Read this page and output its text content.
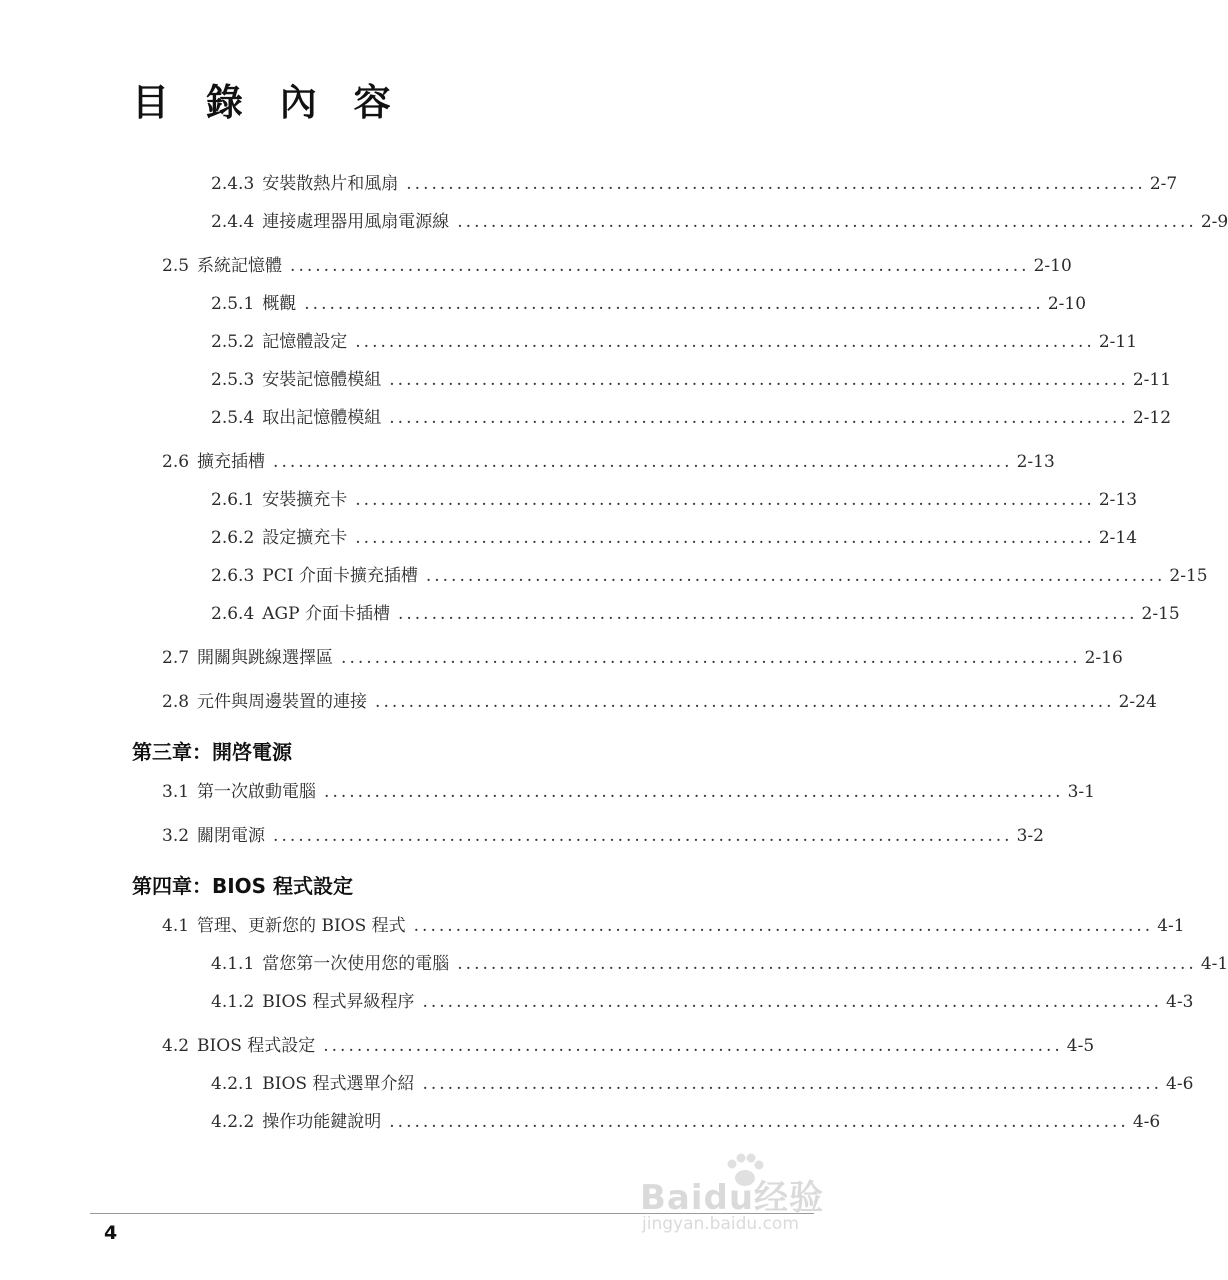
目 錄 內 容
2.4.3 安裝散熱片和風扇 ........................................................................................ 2-7
2.4.4 連接處理器用風扇電源線 ........................................................................................ 2-9
2.5 系統記憶體 ........................................................................................ 2-10
2.5.1 概觀 ........................................................................................ 2-10
2.5.2 記憶體設定 ........................................................................................ 2-11
2.5.3 安裝記憶體模組 ........................................................................................ 2-11
2.5.4 取出記憶體模組 ........................................................................................ 2-12
2.6 擴充插槽 ........................................................................................ 2-13
2.6.1 安裝擴充卡 ........................................................................................ 2-13
2.6.2 設定擴充卡 ........................................................................................ 2-14
2.6.3 PCI 介面卡擴充插槽 ........................................................................................ 2-15
2.6.4 AGP 介面卡插槽 ........................................................................................ 2-15
2.7 開關與跳線選擇區 ........................................................................................ 2-16
2.8 元件與周邊裝置的連接 ........................................................................................ 2-24
第三章：開啓電源
3.1 第一次啟動電腦 ........................................................................................ 3-1
3.2 關閉電源 ........................................................................................ 3-2
第四章：BIOS 程式設定
4.1 管理、更新您的 BIOS 程式 ........................................................................................ 4-1
4.1.1 當您第一次使用您的電腦 ........................................................................................ 4-1
4.1.2 BIOS 程式昇級程序 ........................................................................................ 4-3
4.2 BIOS 程式設定 ........................................................................................ 4-5
4.2.1 BIOS 程式選單介紹 ........................................................................................ 4-6
4.2.2 操作功能鍵說明 ........................................................................................ 4-6
4
Baidu经验
jingyan.baidu.com
